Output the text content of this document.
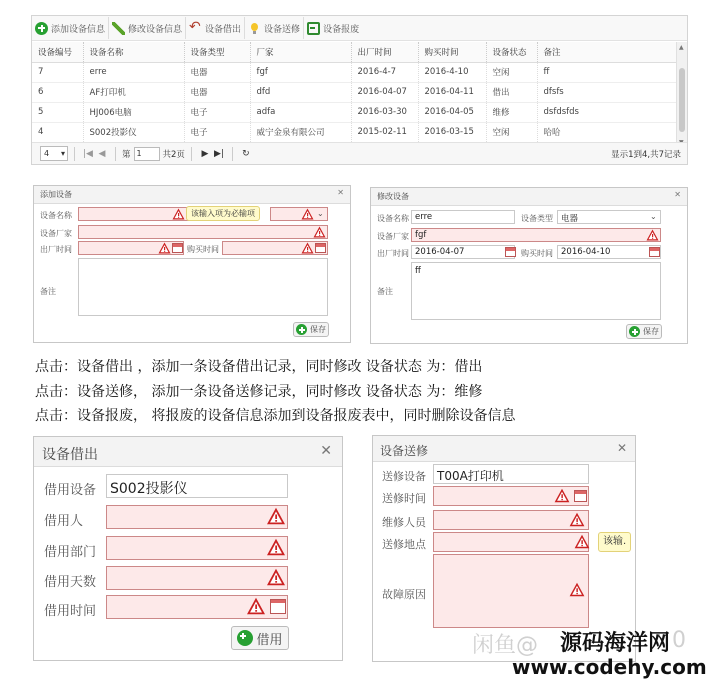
添加设备信息	修改设备信息 ↶	设备借出	设备送修	设备报废
设备编号	设备名称	设备类型	厂家	出厂时间	购买时间	设备状态	备注
7	erre	电器	fgf	2016-4-7	2016-4-10	空闲	ff
6	AF打印机	电器	dfd	2016-04-07	2016-04-11	借出	dfsfs
5	HJ006电脑	电子	adfa	2016-03-30	2016-04-05	维修	dsfdsfds
4	S002投影仪	电子	威宁金泉有限公司	2015-02-11	2016-03-15	空闲	哈哈
▲
4 ▾ |◀ ◀	第 1	共2页	▶ ▶|	↻	显示1到4,共7记录
添加设备	✕
设备名称	该输入项为必输项	⌄
设备厂家
出厂时间	购买时间
备注
保存
修改设备	✕
设备名称 erre	设备类型 电器	⌄
设备厂家 fgf
出厂时间 2016-04-07	购买时间 2016-04-10
备注
ff
保存
点击：设备借出 ，添加一条设备借出记录，同时修改 设备状态 为：借出
点击：设备送修， 添加一条设备送修记录，同时修改 设备状态 为：维修
点击：设备报废， 将报废的设备信息添加到设备报废表中，同时删除设备信息
设备借出	✕
借用设备 S002投影仪
借用人
借用部门
借用天数
借用时间
借用
设备送修	✕
送修设备 T00A打印机
送修时间
维修人员
送修地点	该输.
故障原因
闲鱼@ 源码海洋网 0
www.codehy.com
